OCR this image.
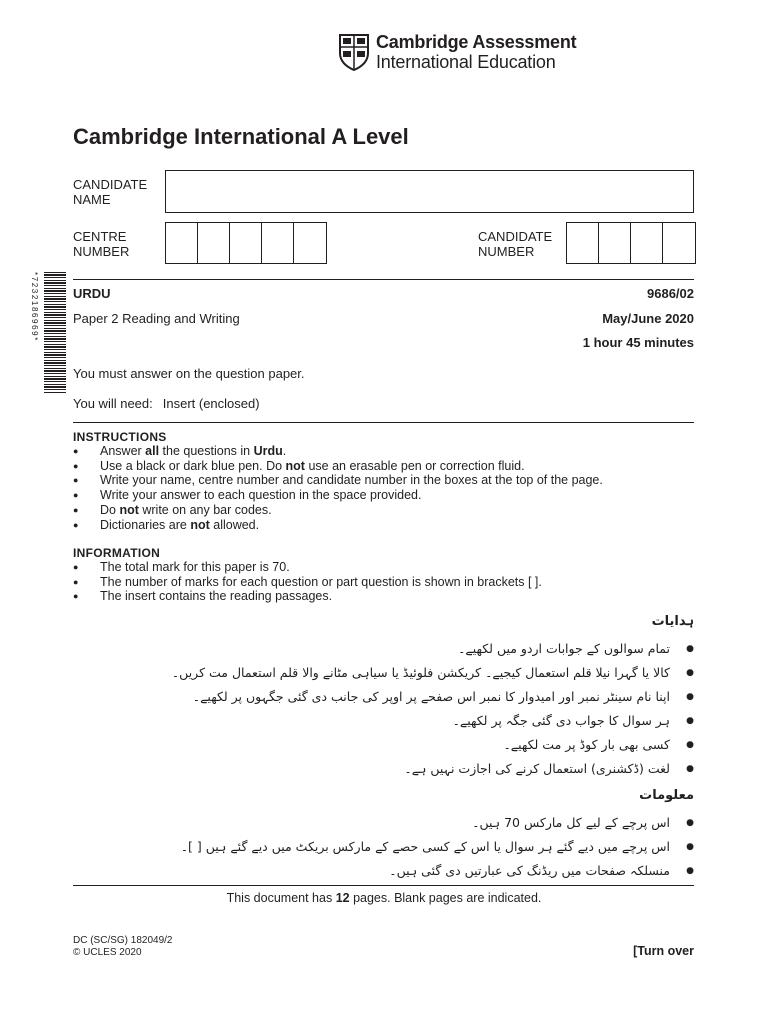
Cambridge Assessment
International Education
Cambridge International A Level
CANDIDATE
NAME
CENTRE
NUMBER
CANDIDATE
NUMBER
*7232186969*	URDU	9686/02
Paper 2 Reading and Writing	May/June 2020
1 hour 45 minutes
You must answer on the question paper.
You will need: Insert (enclosed)
INSTRUCTIONS
● Answer all the questions in Urdu.
● Use a black or dark blue pen. Do not use an erasable pen or correction fluid.
● Write your name, centre number and candidate number in the boxes at the top of the page.
● Write your answer to each question in the space provided.
● Do not write on any bar codes.
● Dictionaries are not allowed.
INFORMATION
● The total mark for this paper is 70.
● The number of marks for each question or part question is shown in brackets [ ].
● The insert contains the reading passages.
ہدایات
● تمام سوالوں کے جوابات اردو میں لکھیے۔
● کالا یا گہرا نیلا قلم استعمال کیجیے۔ کریکشن فلوئیڈ یا سیاہی مٹانے والا قلم استعمال مت کریں۔
● اپنا نام سینٹر نمبر اور امیدوار کا نمبر اس صفحے پر اوپر کی جانب دی گئی جگہوں پر لکھیے۔
● ہر سوال کا جواب دی گئی جگہ پر لکھیے۔
● کسی بھی بار کوڈ پر مت لکھیے۔
● لغت (ڈکشنری) استعمال کرنے کی اجازت نہیں ہے۔
معلومات
● اس پرچے کے لیے کل مارکس 70 ہیں۔
● اس پرچے میں دیے گئے ہر سوال یا اس کے کسی حصے کے مارکس بریکٹ میں دیے گئے ہیں [ ]۔
● منسلکہ صفحات میں ریڈنگ کی عبارتیں دی گئی ہیں۔
This document has 12 pages. Blank pages are indicated.
DC (SC/SG) 182049/2
© UCLES 2020	[Turn over
